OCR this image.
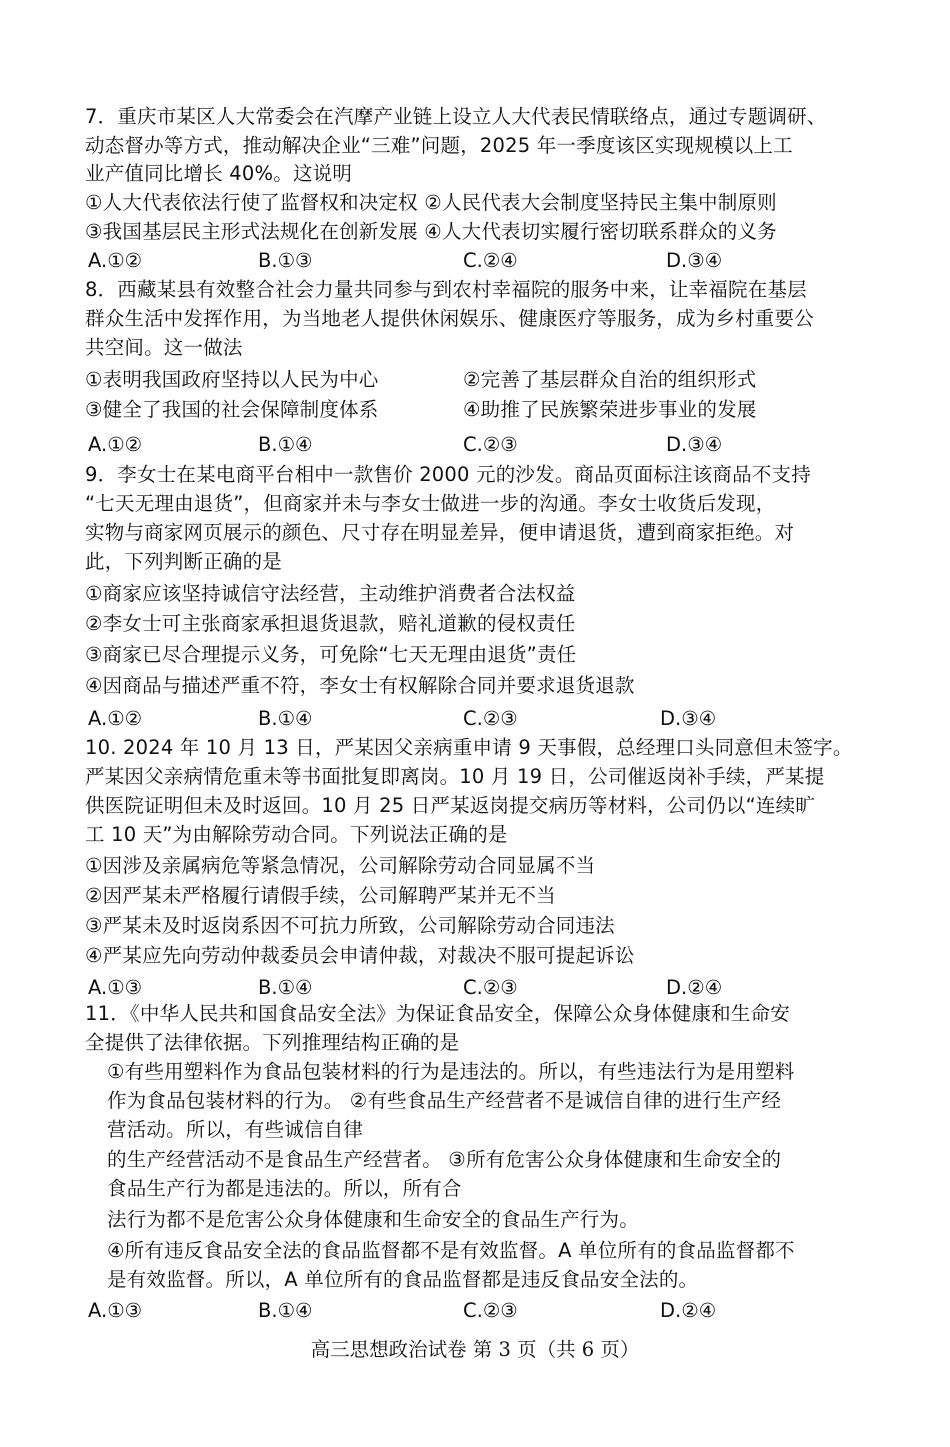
7．重庆市某区人大常委会在汽摩产业链上设立人大代表民情联络点，通过专题调研、
动态督办等方式，推动解决企业“三难”问题，2025 年一季度该区实现规模以上工
业产值同比增长 40%。这说明
①人大代表依法行使了监督权和决定权 ②人民代表大会制度坚持民主集中制原则
③我国基层民主形式法规化在创新发展 ④人大代表切实履行密切联系群众的义务
A.①②	B.①③	C.②④	D.③④
8．西藏某县有效整合社会力量共同参与到农村幸福院的服务中来，让幸福院在基层
群众生活中发挥作用，为当地老人提供休闲娱乐、健康医疗等服务，成为乡村重要公
共空间。这一做法
①表明我国政府坚持以人民为中心	②完善了基层群众自治的组织形式
③健全了我国的社会保障制度体系	④助推了民族繁荣进步事业的发展
A.①②	B.①④	C.②③	D.③④
9．李女士在某电商平台相中一款售价 2000 元的沙发。商品页面标注该商品不支持
“七天无理由退货”，但商家并未与李女士做进一步的沟通。李女士收货后发现，
实物与商家网页展示的颜色、尺寸存在明显差异，便申请退货，遭到商家拒绝。对
此，下列判断正确的是
①商家应该坚持诚信守法经营，主动维护消费者合法权益
②李女士可主张商家承担退货退款，赔礼道歉的侵权责任
③商家已尽合理提示义务，可免除“七天无理由退货”责任
④因商品与描述严重不符，李女士有权解除合同并要求退货退款
A.①②	B.①④	C.②③	D.③④
10. 2024 年 10 月 13 日，严某因父亲病重申请 9 天事假，总经理口头同意但未签字。
严某因父亲病情危重未等书面批复即离岗。10 月 19 日，公司催返岗补手续，严某提
供医院证明但未及时返回。10 月 25 日严某返岗提交病历等材料，公司仍以“连续旷
工 10 天”为由解除劳动合同。下列说法正确的是
①因涉及亲属病危等紧急情况，公司解除劳动合同显属不当
②因严某未严格履行请假手续，公司解聘严某并无不当
③严某未及时返岗系因不可抗力所致，公司解除劳动合同违法
④严某应先向劳动仲裁委员会申请仲裁，对裁决不服可提起诉讼
A.①③	B.①④	C.②③	D.②④
11．《中华人民共和国食品安全法》为保证食品安全，保障公众身体健康和生命安
全提供了法律依据。下列推理结构正确的是
①有些用塑料作为食品包装材料的行为是违法的。所以，有些违法行为是用塑料
作为食品包装材料的行为。 ②有些食品生产经营者不是诚信自律的进行生产经
营活动。所以，有些诚信自律
的生产经营活动不是食品生产经营者。 ③所有危害公众身体健康和生命安全的
食品生产行为都是违法的。所以，所有合
法行为都不是危害公众身体健康和生命安全的食品生产行为。
④所有违反食品安全法的食品监督都不是有效监督。A 单位所有的食品监督都不
是有效监督。所以，A 单位所有的食品监督都是违反食品安全法的。
A.①③	B.①④	C.②③	D.②④
高三思想政治试卷 第 3 页（共 6 页）
